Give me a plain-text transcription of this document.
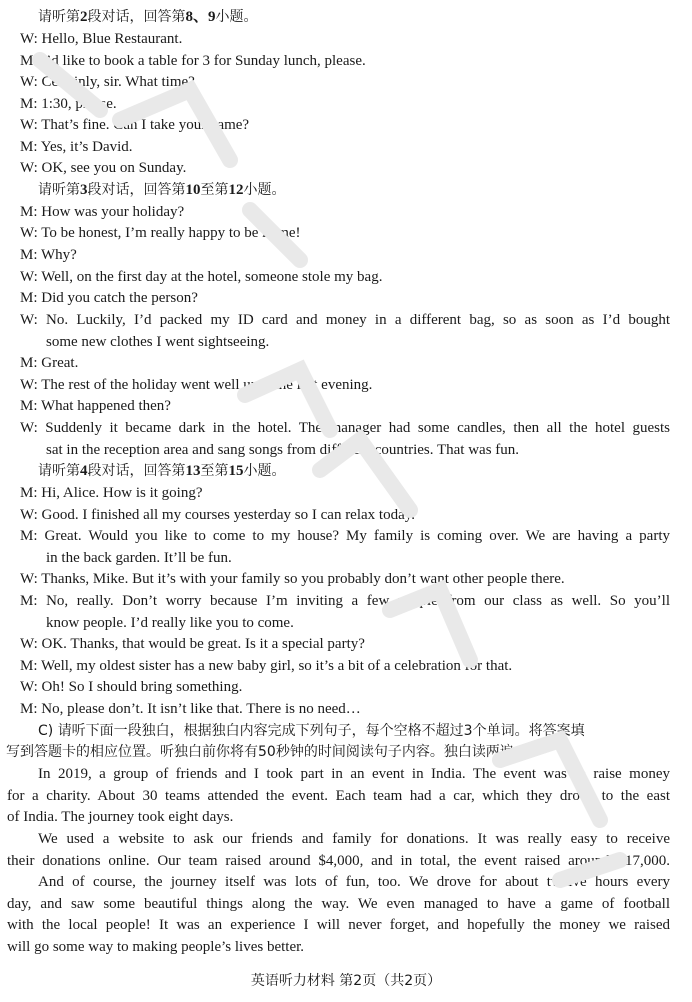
请听第2段对话，回答第8、9小题。
W: Hello, Blue Restaurant.
M: I’d like to book a table for 3 for Sunday lunch, please.
W: Certainly, sir. What time?
M: 1:30, please.
W: That’s fine. Can I take your name?
M: Yes, it’s David.
W: OK, see you on Sunday.
请听第3段对话，回答第10至第12小题。
M: How was your holiday?
W: To be honest, I’m really happy to be home!
M: Why?
W: Well, on the first day at the hotel, someone stole my bag.
M: Did you catch the person?
W: No. Luckily, I’d packed my ID card and money in a different bag, so as soon as I’d bought
some new clothes I went sightseeing.
M: Great.
W: The rest of the holiday went well until the last evening.
M: What happened then?
W: Suddenly it became dark in the hotel. The manager had some candles, then all the hotel guests
sat in the reception area and sang songs from different countries. That was fun.
请听第4段对话，回答第13至第15小题。
M: Hi, Alice. How is it going?
W: Good. I finished all my courses yesterday so I can relax today.
M: Great. Would you like to come to my house? My family is coming over. We are having a party
in the back garden. It’ll be fun.
W: Thanks, Mike. But it’s with your family so you probably don’t want other people there.
M: No, really. Don’t worry because I’m inviting a few people from our class as well. So you’ll
know people. I’d really like you to come.
W: OK. Thanks, that would be great. Is it a special party?
M: Well, my oldest sister has a new baby girl, so it’s a bit of a celebration for that.
W: Oh! So I should bring something.
M: No, please don’t. It isn’t like that. There is no need…
C) 请听下面一段独白，根据独白内容完成下列句子，每个空格不超过3个单词。将答案填
写到答题卡的相应位置。听独白前你将有50秒钟的时间阅读句子内容。独白读两遍。
In 2019, a group of friends and I took part in an event in India. The event was to raise money
for a charity. About 30 teams attended the event. Each team had a car, which they drove to the east
of India. The journey took eight days.
We used a website to ask our friends and family for donations. It was really easy to receive
their donations online. Our team raised around $4,000, and in total, the event raised around $17,000.
And of course, the journey itself was lots of fun, too. We drove for about twelve hours every
day, and saw some beautiful things along the way. We even managed to have a game of football
with the local people! It was an experience I will never forget, and hopefully the money we raised
will go some way to making people’s lives better.
英语听力材料 第2页（共2页）
